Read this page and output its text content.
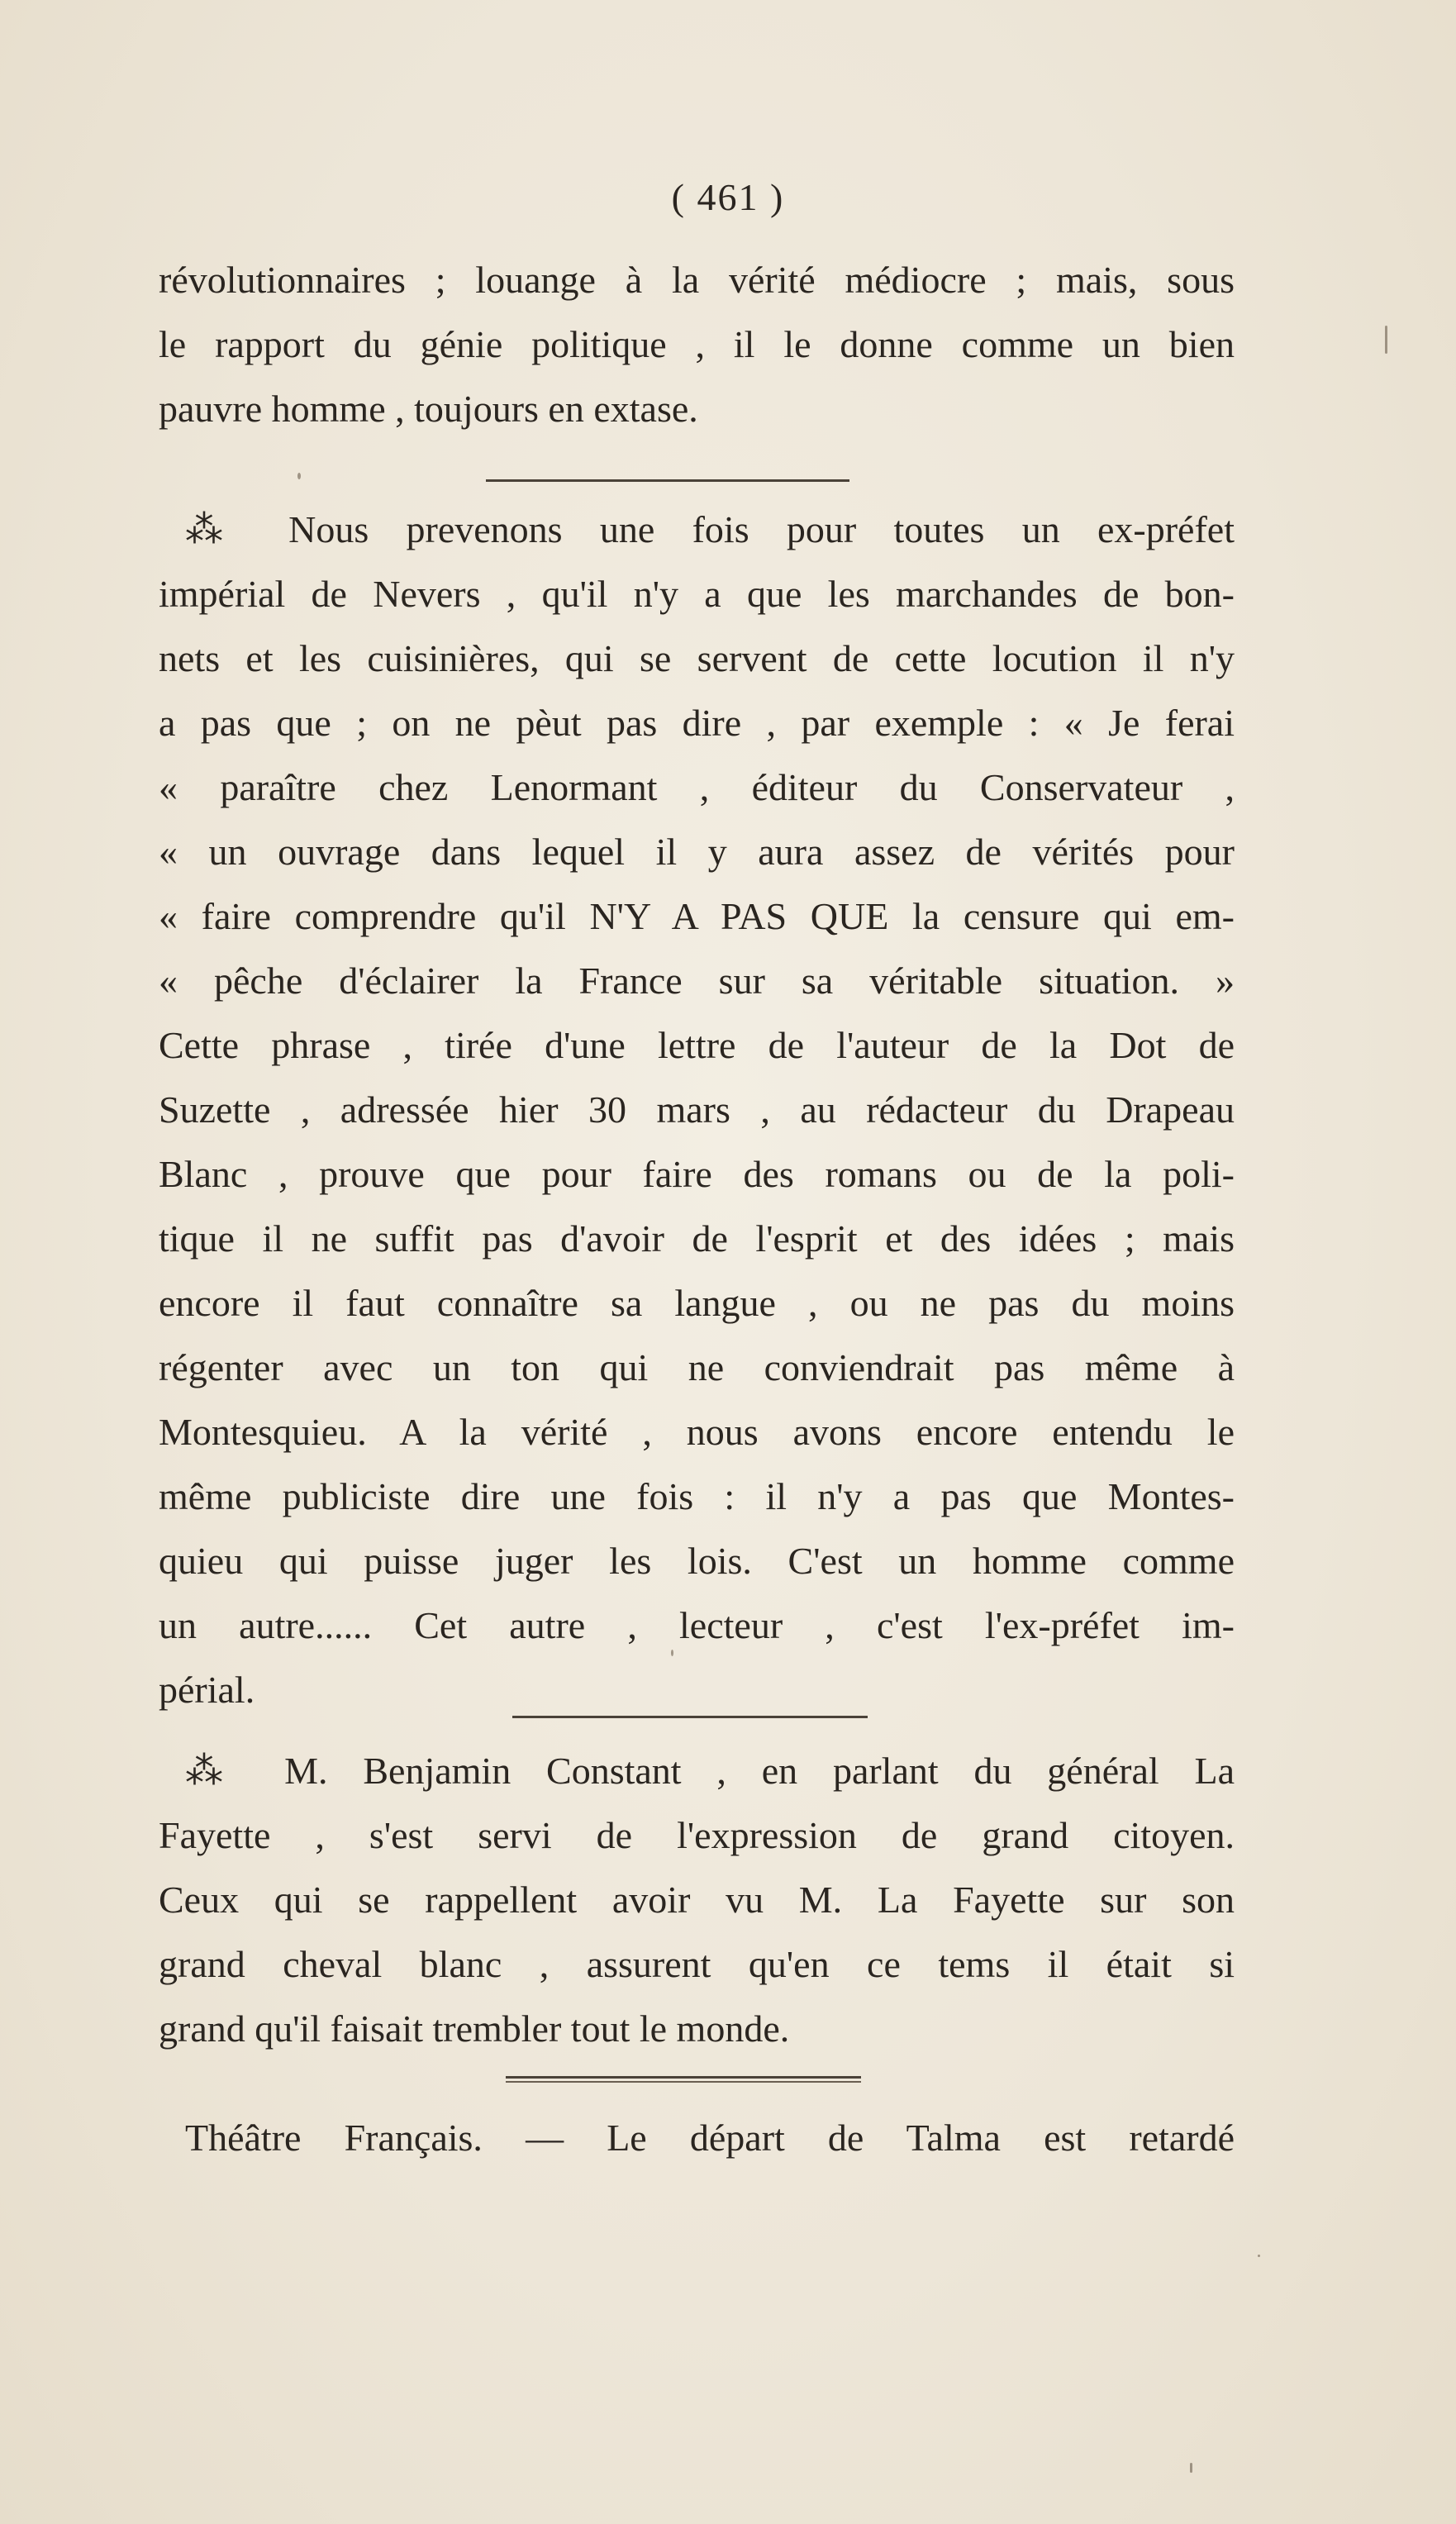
( 461 )
révolutionnaires ; louange à la vérité médiocre ; mais, sous
le rapport du génie politique , il le donne comme un bien
pauvre homme , toujours en extase.
⁂ Nous prevenons une fois pour toutes un ex-préfet
impérial de Nevers , qu'il n'y a que les marchandes de bon-
nets et les cuisinières, qui se servent de cette locution il n'y
a pas que ; on ne pèut pas dire , par exemple : « Je ferai
« paraître chez Lenormant , éditeur du Conservateur ,
« un ouvrage dans lequel il y aura assez de vérités pour
« faire comprendre qu'il N'Y A PAS QUE la censure qui em-
« pêche d'éclairer la France sur sa véritable situation. »
Cette phrase , tirée d'une lettre de l'auteur de la Dot de
Suzette , adressée hier 30 mars , au rédacteur du Drapeau
Blanc , prouve que pour faire des romans ou de la poli-
tique il ne suffit pas d'avoir de l'esprit et des idées ; mais
encore il faut connaître sa langue , ou ne pas du moins
régenter avec un ton qui ne conviendrait pas même à
Montesquieu. A la vérité , nous avons encore entendu le
même publiciste dire une fois : il n'y a pas que Montes-
quieu qui puisse juger les lois. C'est un homme comme
un autre...... Cet autre , lecteur , c'est l'ex-préfet im-
périal.
⁂ M. Benjamin Constant , en parlant du général La
Fayette , s'est servi de l'expression de grand citoyen.
Ceux qui se rappellent avoir vu M. La Fayette sur son
grand cheval blanc , assurent qu'en ce tems il était si
grand qu'il faisait trembler tout le monde.
Théâtre Français. — Le départ de Talma est retardé
